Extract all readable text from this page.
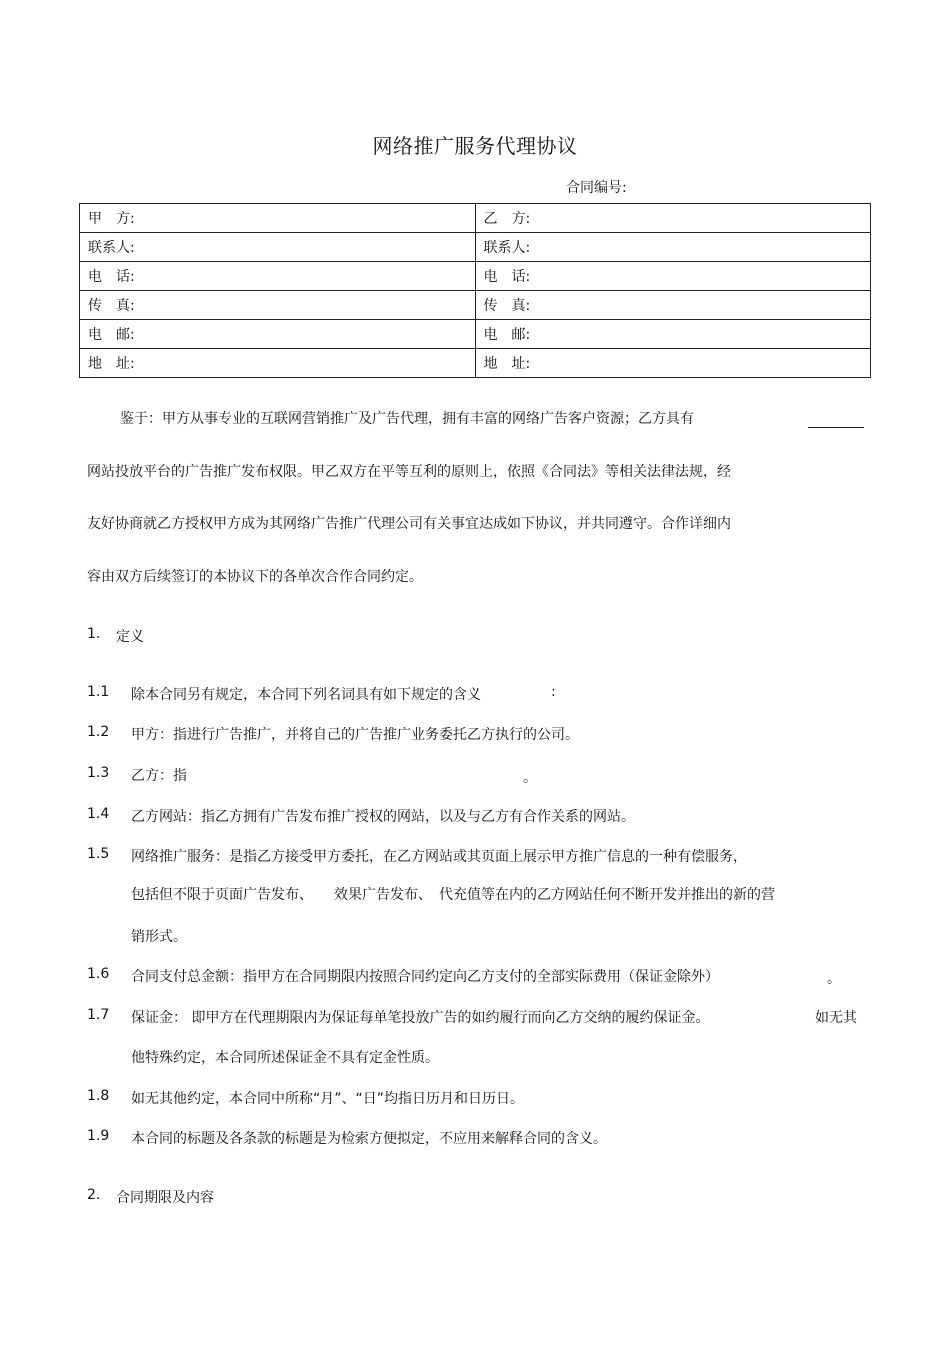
网络推广服务代理协议
合同编号:
甲　方:	乙　方:
联系人:	联系人:
电　话:	电　话:
传　真:	传　真:
电　邮:	电　邮:
地　址:	地　址:
鉴于：甲方从事专业的互联网营销推广及广告代理，拥有丰富的网络广告客户资源；乙方具有
网站投放平台的广告推广发布权限。甲乙双方在平等互利的原则上，依照《合同法》等相关法律法规，经
友好协商就乙方授权甲方成为其网络广告推广代理公司有关事宜达成如下协议，并共同遵守。合作详细内
容由双方后续签订的本协议下的各单次合作合同约定。
1. 定义
1.1 除本合同另有规定，本合同下列名词具有如下规定的含义	:
1.2 甲方：指进行广告推广，并将自己的广告推广业务委托乙方执行的公司。
1.3 乙方：指	。
1.4 乙方网站：指乙方拥有广告发布推广授权的网站，以及与乙方有合作关系的网站。
1.5 网络推广服务：是指乙方接受甲方委托，在乙方网站或其页面上展示甲方推广信息的一种有偿服务，
包括但不限于页面广告发布、　　效果广告发布、　代充值等在内的乙方网站任何不断开发并推出的新的营
销形式。
1.6 合同支付总金额：指甲方在合同期限内按照合同约定向乙方支付的全部实际费用（保证金除外）	。
1.7 保证金： 即甲方在代理期限内为保证每单笔投放广告的如约履行而向乙方交纳的履约保证金。	如无其
他特殊约定，本合同所述保证金不具有定金性质。
1.8 如无其他约定，本合同中所称“月”、“日”均指日历月和日历日。
1.9 本合同的标题及各条款的标题是为检索方便拟定，不应用来解释合同的含义。
2. 合同期限及内容
